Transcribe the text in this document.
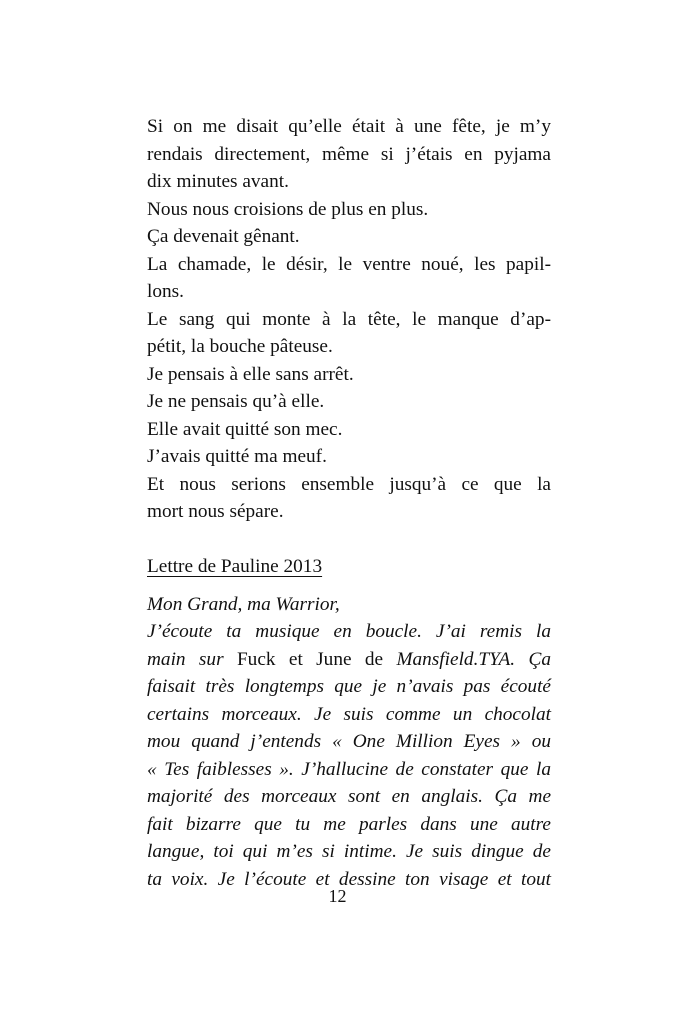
Si on me disait qu’elle était à une fête, je m’y
rendais directement, même si j’étais en pyjama
dix minutes avant.
Nous nous croisions de plus en plus.
Ça devenait gênant.
La chamade, le désir, le ventre noué, les papil-
lons.
Le sang qui monte à la tête, le manque d’ap-
pétit, la bouche pâteuse.
Je pensais à elle sans arrêt.
Je ne pensais qu’à elle.
Elle avait quitté son mec.
J’avais quitté ma meuf.
Et nous serions ensemble jusqu’à ce que la
mort nous sépare.
Lettre de Pauline 2013
Mon Grand, ma Warrior,
J’écoute ta musique en boucle. J’ai remis la
main sur Fuck et June de Mansfield.TYA. Ça
faisait très longtemps que je n’avais pas écouté
certains morceaux. Je suis comme un chocolat
mou quand j’entends « One Million Eyes » ou
« Tes faiblesses ». J’hallucine de constater que la
majorité des morceaux sont en anglais. Ça me
fait bizarre que tu me parles dans une autre
langue, toi qui m’es si intime. Je suis dingue de
ta voix. Je l’écoute et dessine ton visage et tout
12
